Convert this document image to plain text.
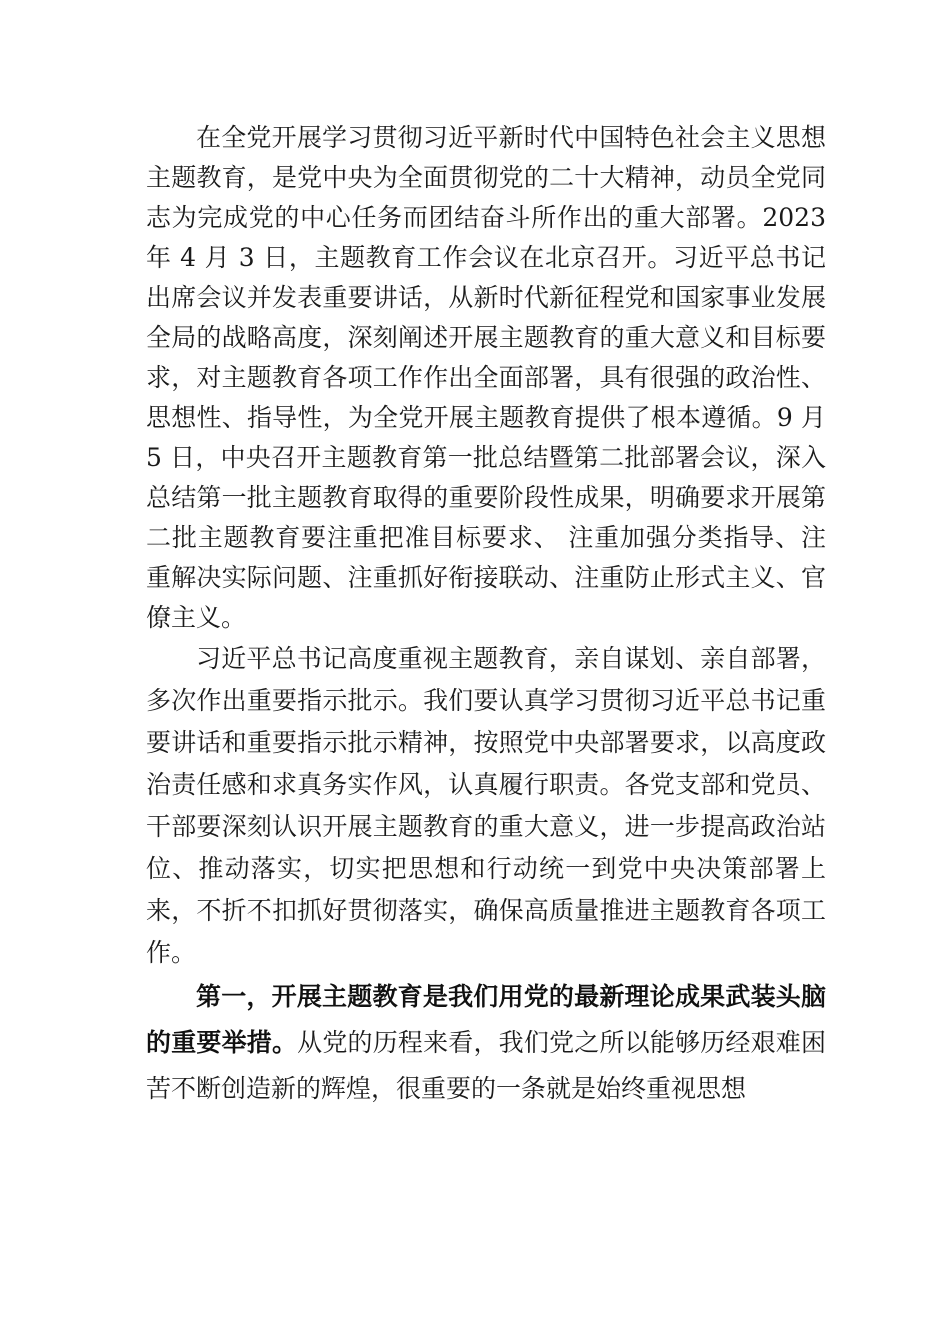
在全党开展学习贯彻习近平新时代中国特色社会主义思想主题教育，是党中央为全面贯彻党的二十大精神，动员全党同志为完成党的中心任务而团结奋斗所作出的重大部署。2023 年 4 月 3 日，主题教育工作会议在北京召开。习近平总书记出席会议并发表重要讲话，从新时代新征程党和国家事业发展全局的战略高度，深刻阐述开展主题教育的重大意义和目标要求，对主题教育各项工作作出全面部署，具有很强的政治性、思想性、指导性，为全党开展主题教育提供了根本遵循。9 月 5 日，中央召开主题教育第一批总结暨第二批部署会议，深入总结第一批主题教育取得的重要阶段性成果，明确要求开展第二批主题教育要注重把准目标要求、 注重加强分类指导、注重解决实际问题、注重抓好衔接联动、注重防止形式主义、官僚主义。

习近平总书记高度重视主题教育，亲自谋划、亲自部署，多次作出重要指示批示。我们要认真学习贯彻习近平总书记重要讲话和重要指示批示精神，按照党中央部署要求，以高度政治责任感和求真务实作风，认真履行职责。各党支部和党员、干部要深刻认识开展主题教育的重大意义，进一步提高政治站位、推动落实，切实把思想和行动统一到党中央决策部署上来，不折不扣抓好贯彻落实，确保高质量推进主题教育各项工作。

第一，开展主题教育是我们用党的最新理论成果武装头脑的重要举措。从党的历程来看，我们党之所以能够历经艰难困苦不断创造新的辉煌，很重要的一条就是始终重视思想
